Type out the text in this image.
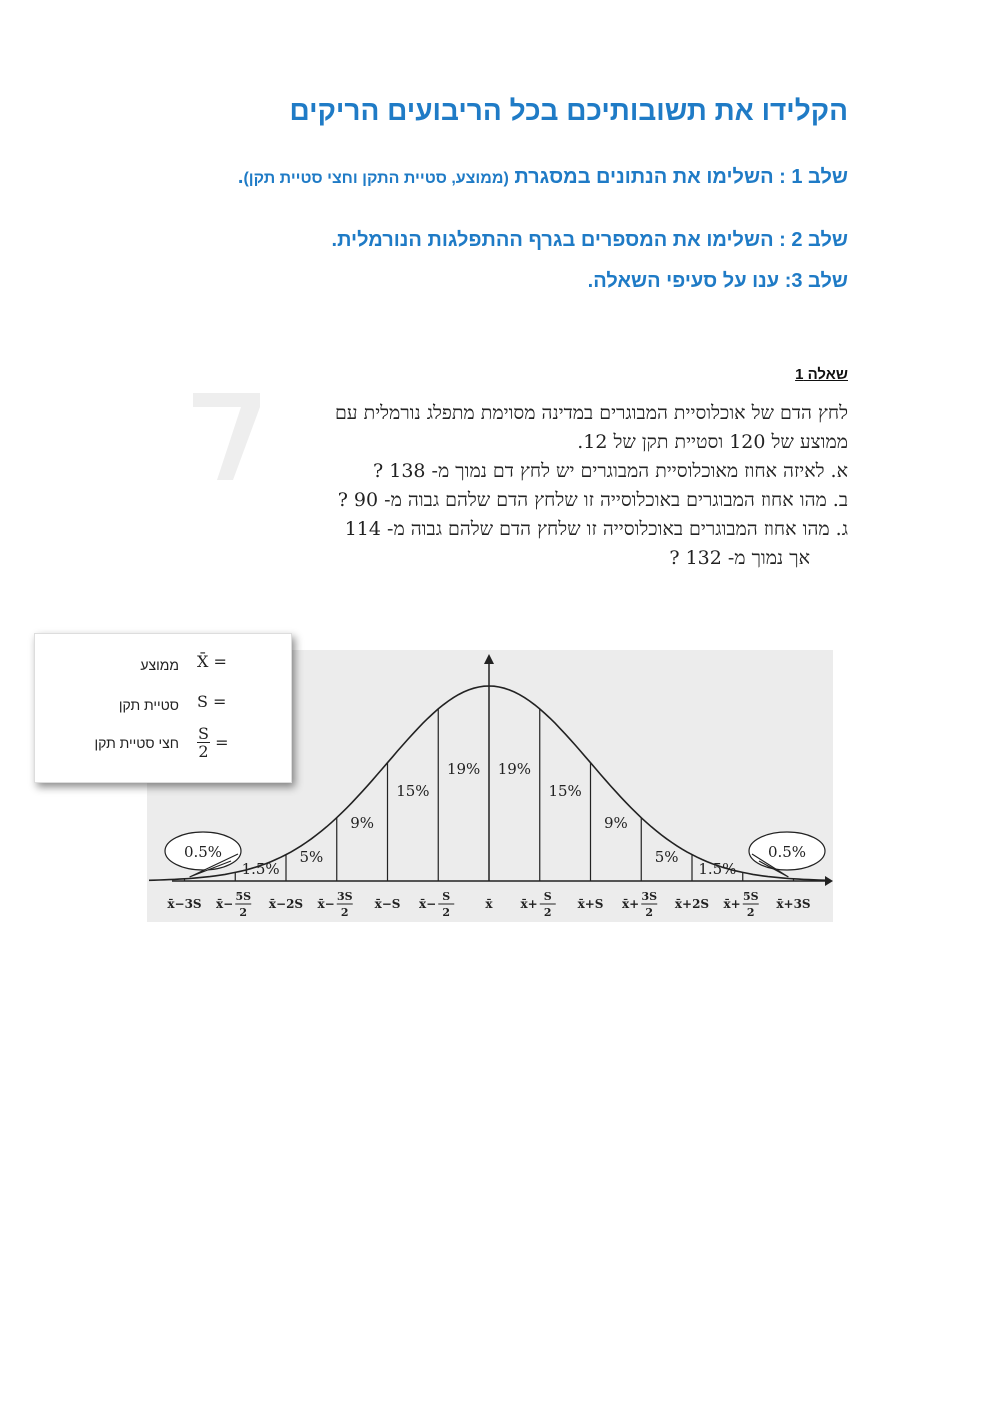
הקלידו את תשובותיכם בכל הריבועים הריקים
שלב 1 : השלימו את הנתונים במסגרת (ממוצע, סטיית התקן וחצי סטיית תקן).
שלב 2 : השלימו את המספרים בגרף ההתפלגות הנורמלית.
שלב 3: ענו על סעיפי השאלה.
שאלה 1

לחץ הדם של אוכלוסיית המבוגרים במדינה מסוימת מתפלג נורמלית עם

ממוצע של 120 וסטיית תקן של 12.

א. לאיזה אחוז מאוכלוסיית המבוגרים יש לחץ דם נמוך מ- 138 ?

ב. מהו אחוז המבוגרים באוכלוסייה זו שלחץ הדם שלהם גבוה מ- 90 ?

ג. מהו אחוז המבוגרים באוכלוסייה זו שלחץ הדם שלהם גבוה מ- 114

אך נמוך מ- 132 ?

0.5%
1.5%
5%
9%
15%
19% 19%
15%
9%
5%
1.5%
0.5%
x̄−3S x̄−
5S
2
x̄−2S x̄−
3S
2
x̄−S x̄−
S
2
x̄ x̄+
S
2
x̄+S x̄+
3S
2
x̄+2S x̄+
5S
2
x̄+3S
X̄ =
ממוצע
S =
סטיית תקן
$\frac{S}{2}$ =
חצי סטיית תקן
